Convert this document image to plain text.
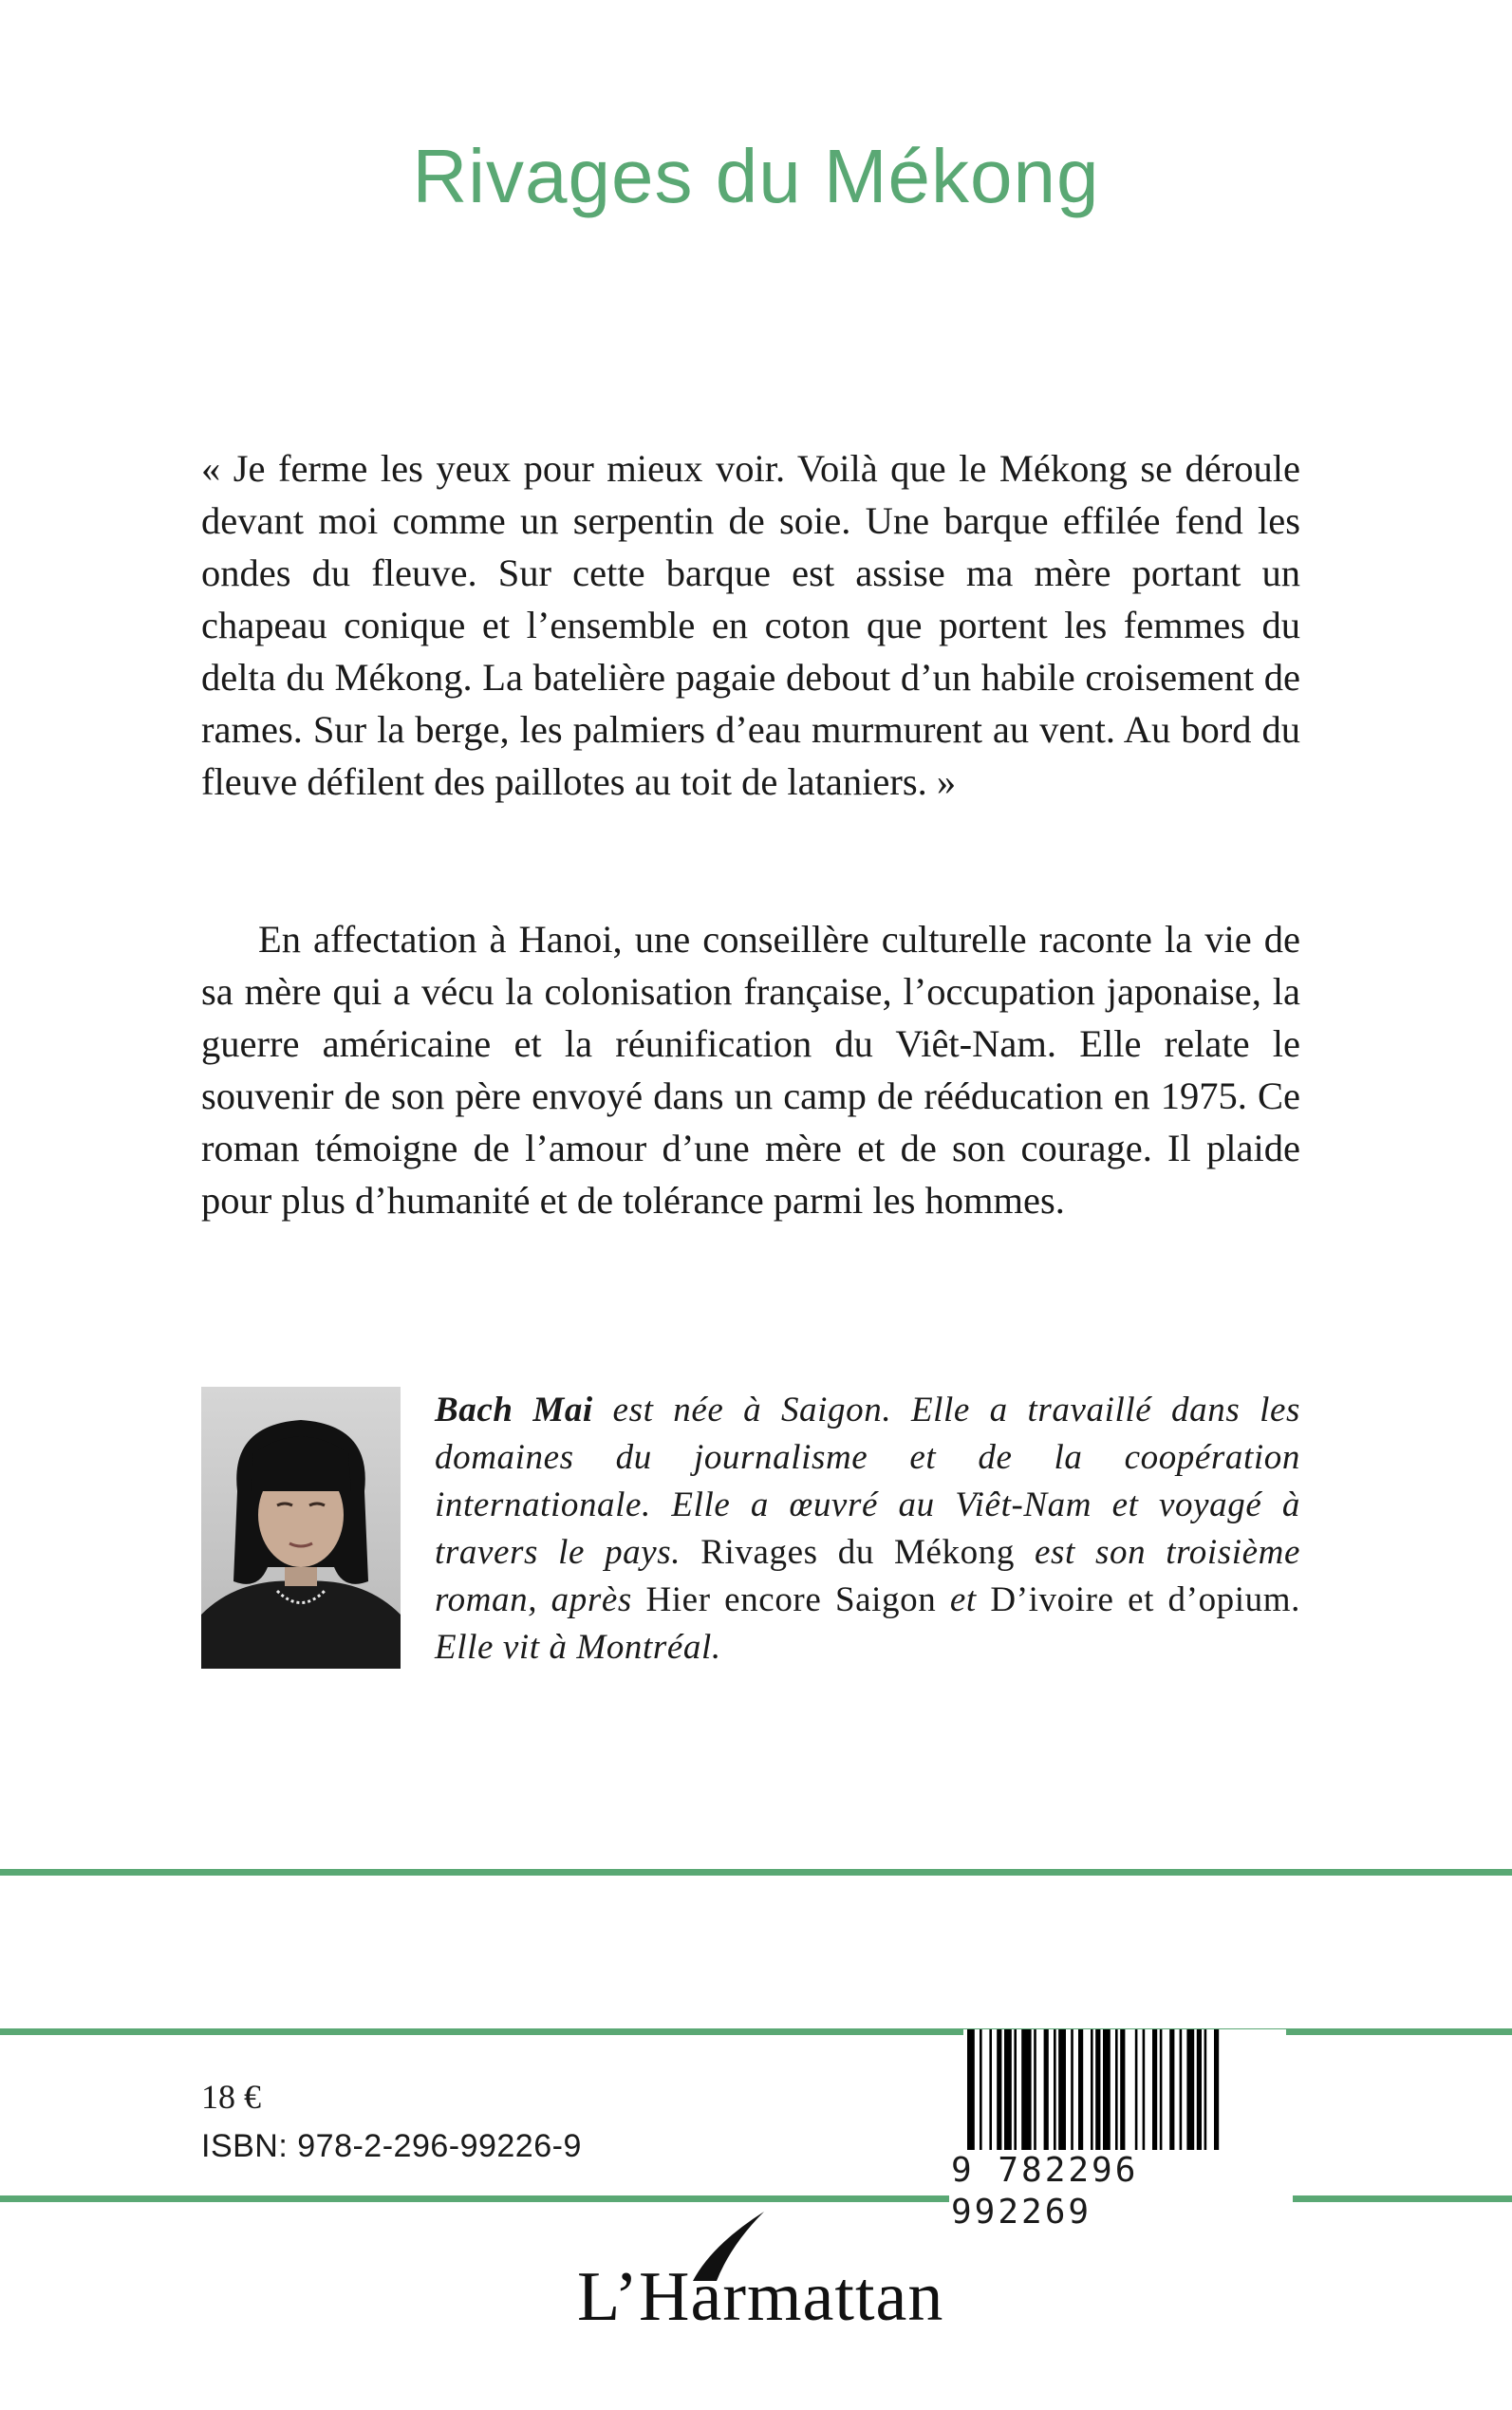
Rivages du Mékong

« Je ferme les yeux pour mieux voir. Voilà que le Mékong se déroule devant moi comme un serpentin de soie. Une barque effilée fend les ondes du fleuve. Sur cette barque est assise ma mère portant un chapeau conique et l’ensemble en coton que portent les femmes du delta du Mékong. La batelière pagaie debout d’un habile croisement de rames. Sur la berge, les palmiers d’eau murmurent au vent. Au bord du fleuve défilent des paillotes au toit de lataniers. »

En affectation à Hanoi, une conseillère culturelle raconte la vie de sa mère qui a vécu la colonisation française, l’occupation japonaise, la guerre américaine et la réunification du Viêt-Nam. Elle relate le souvenir de son père envoyé dans un camp de rééducation en 1975. Ce roman témoigne de l’amour d’une mère et de son courage. Il plaide pour plus d’humanité et de tolérance parmi les hommes.

Bach Mai est née à Saigon. Elle a travaillé dans les domaines du journalisme et de la coopération internationale. Elle a œuvré au Viêt-Nam et voyagé à travers le pays. Rivages du Mékong est son troisième roman, après Hier encore Saigon et D’ivoire et d’opium. Elle vit à Montréal.

18 €

ISBN: 978-2-296-99226-9

9 782296 992269
L’Harmattan
